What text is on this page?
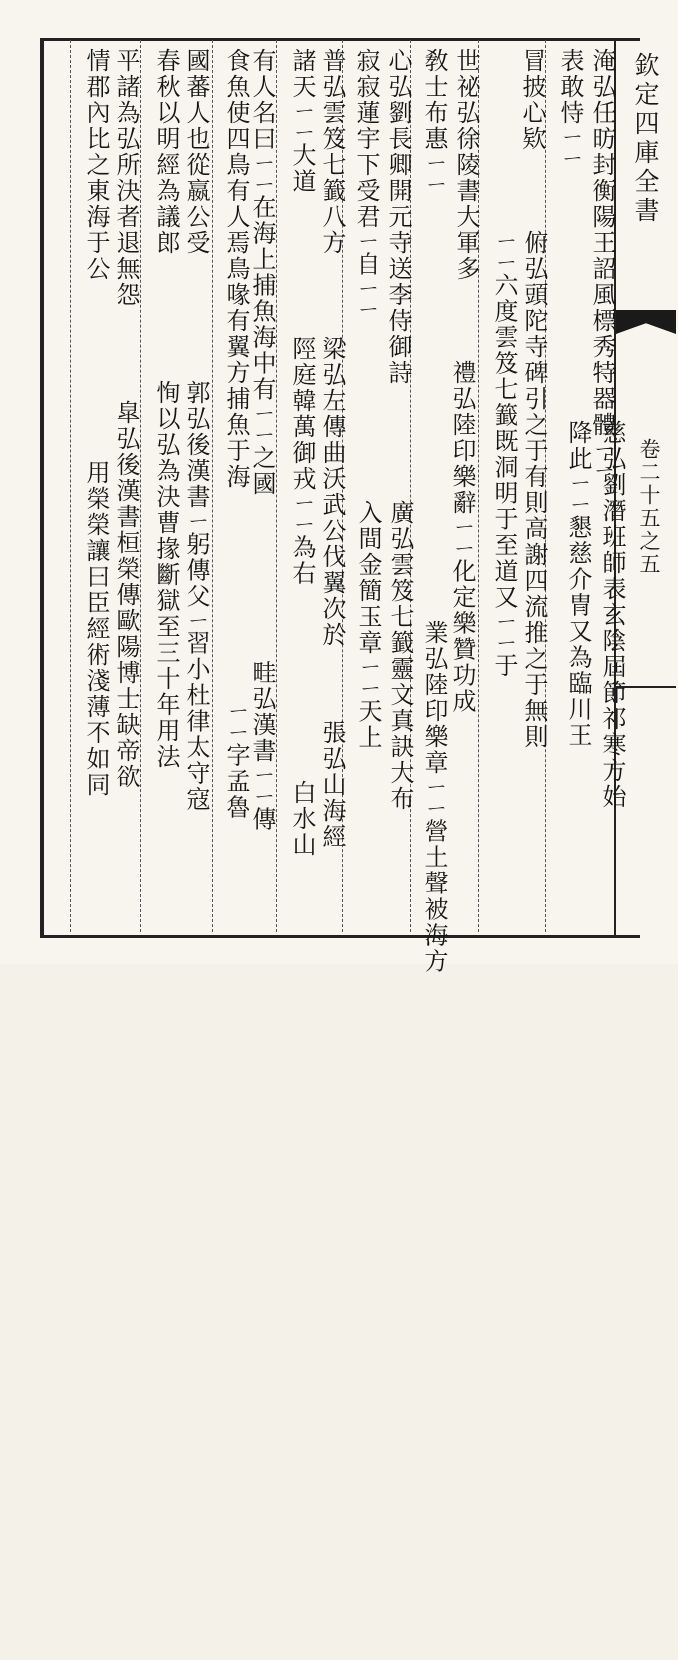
欽定四庫全書
卷二十五之五
淹弘任昉封衡陽王詔風標秀特器體ㄧㄧ
表敢恃ㄧㄧ
冒披心欵
慈弘劉潛班師表玄陰屆節祁寒方始
降此ㄧㄧ懇慈介冑又為臨川王
俯弘頭陀寺碑引之于有則高謝四流推之于無則
ㄧㄧ六度雲笈七籖既洞明于至道又ㄧㄧ于
世祕弘徐陵書大軍多
敎士布惠ㄧㄧ
禮弘陸印樂辭ㄧㄧ化定樂贊功成
心弘劉長卿開元寺送李侍御詩
寂寂蓮宇下受君ㄧ自ㄧㄧ
業弘陸印樂章ㄧㄧ營土聲被海方
廣弘雲笈七籖靈文真訣大布
入間金簡玉章ㄧㄧ天上
普弘雲笈七籖八方
諸天ㄧㄧ大道
梁弘左傳曲沃武公伐翼次於
陘庭韓萬御戎ㄧㄧ為右
張弘山海經
白水山
有人名曰ㄧㄧ在海上捕魚海中有ㄧㄧ之國
食魚使四鳥有人焉鳥喙有翼方捕魚于海
畦弘漢書ㄧㄧ傳
ㄧㄧ字孟魯
國蕃人也從嬴公受
春秋以明經為議郎
郭弘後漢書ㄧ躬傳父ㄧ習小杜律太守寇
恂以弘為決曹掾斷獄至三十年用法
平諸為弘所決者退無怨
情郡內比之東海于公
皐弘後漢書桓榮傳歐陽博士缺帝欲
用榮榮讓曰臣經術淺薄不如同
